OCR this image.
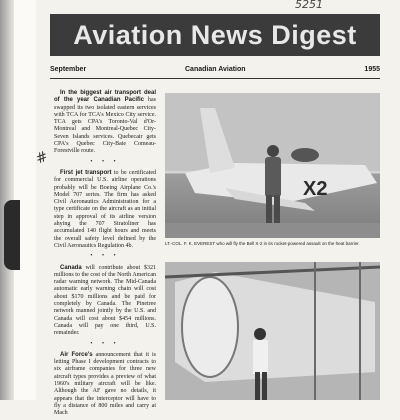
#
5251
Aviation News Digest
September	Canadian Aviation	1955

In the biggest air transport deal of the year Canadian Pacific has swapped its two isolated eastern services with TCA for TCA's Mexico City service. TCA gets CPA's Toronto-Val d'Or-Montreal and Montreal-Quebec City-Seven Islands services. Quebecair gets CPA's Quebec City-Baie Comeau-Forestville route.

• • •

First jet transport to be certificated for commercial U.S. airline operations probably will be Boeing Airplane Co.'s Model 707 series. The firm has asked Civil Aeronautics Administration for a type certificate on the aircraft as an initial step in approval of its airline version ahying the 707 Stratoliner has accumulated 140 flight hours and meets the overall safety level defined by the Civil Aeronautics Regulation 4b.

• • •

Canada will contribute about $321 millions to the cost of the North American radar warning network. The Mid-Canada automatic early warning chain will cost about $170 millions and be paid for completely by Canada. The Pinetree network manned jointly by the U.S. and Canada will cost about $454 millions. Canada will pay one third, U.S. remainder.

• • •

Air Force's announcement that it is letting Phase I development contracts to six airframe companies for three new aircraft types provides a preview of what 1960's military aircraft will be like. Although the AF gave no details, it appears that the interceptor will have to fly a distance of 800 miles and carry at Mach

X2
LT.-COL. F. K. EVEREST who will fly the Bell X-2 in its rocket-powered assault on the heat barrier.
